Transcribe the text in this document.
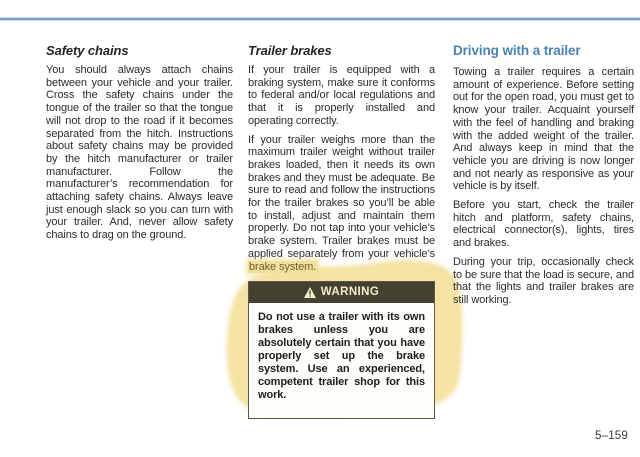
Safety chains

You should always attach chains between your vehicle and your trailer. Cross the safety chains under the tongue of the trailer so that the tongue will not drop to the road if it becomes separated from the hitch. Instructions about safety chains may be provided by the hitch manufacturer or trailer manufacturer. Follow the manufacturer’s recommendation for attaching safety chains. Always leave just enough slack so you can turn with your trailer. And, never allow safety chains to drag on the ground.

Trailer brakes

If your trailer is equipped with a braking system, make sure it conforms to federal and/or local regulations and that it is properly installed and operating correctly.

If your trailer weighs more than the maximum trailer weight without trailer brakes loaded, then it needs its own brakes and they must be adequate. Be sure to read and follow the instructions for the trailer brakes so you’ll be able to install, adjust and maintain them properly. Do not tap into your vehicle’s brake system. Trailer brakes must be applied separately from your vehicle’s brake system.

WARNING

Do not use a trailer with its own brakes unless you are absolutely certain that you have properly set up the brake system. Use an experienced, competent trailer shop for this work.

Driving with a trailer

Towing a trailer requires a certain amount of experience. Before setting out for the open road, you must get to know your trailer. Acquaint yourself with the feel of handling and braking with the added weight of the trailer. And always keep in mind that the vehicle you are driving is now longer and not nearly as responsive as your vehicle is by itself.

Before you start, check the trailer hitch and platform, safety chains, electrical connector(s), lights, tires and brakes.

During your trip, occasionally check to be sure that the load is secure, and that the lights and trailer brakes are still working.

5–159
